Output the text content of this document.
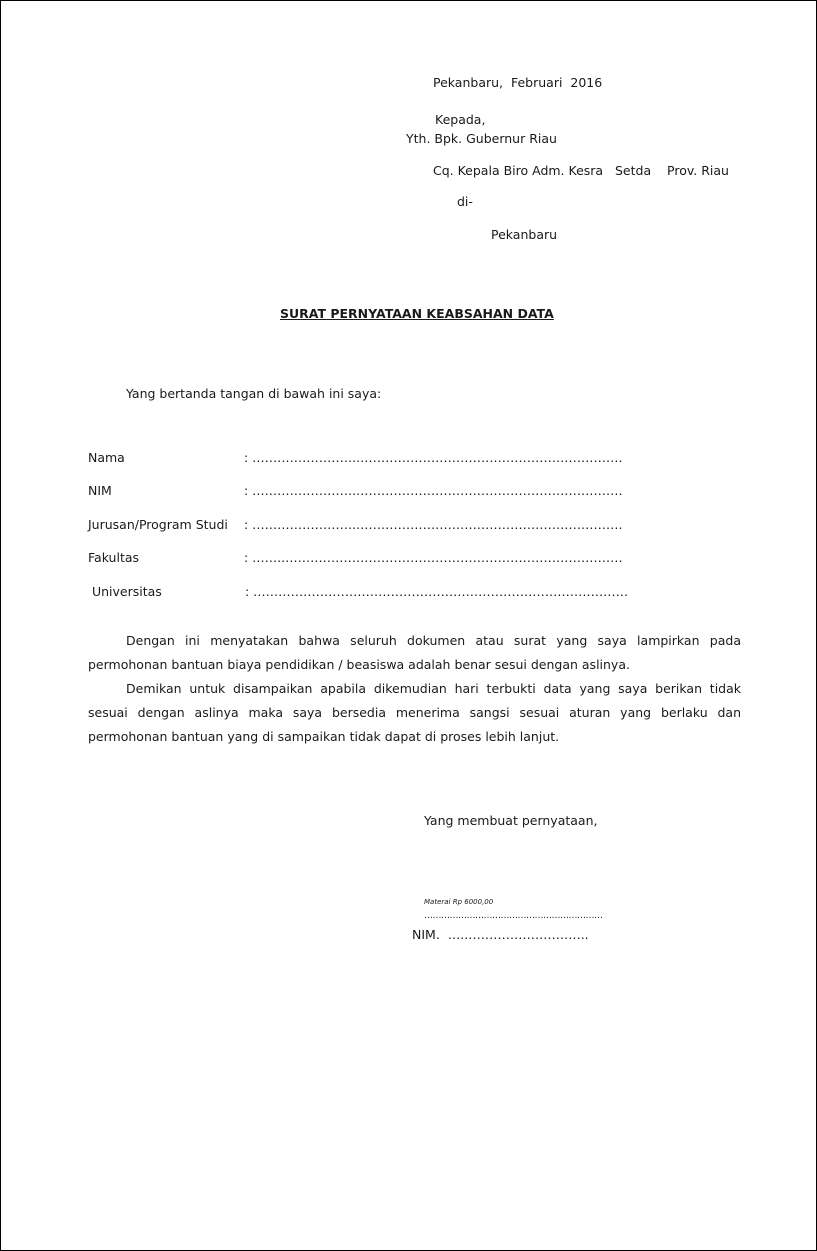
Pekanbaru,  Februari  2016
Kepada,
Yth. Bpk. Gubernur Riau
Cq. Kepala Biro Adm. Kesra   Setda    Prov. Riau
di-
Pekanbaru
SURAT PERNYATAAN KEABSAHAN DATA
Yang bertanda tangan di bawah ini saya:
Nama	: ……………………..………………………………………………………
NIM	: ……………………..………………………………………………………
Jurusan/Program Studi : ……………………..………………………………………………………
Fakultas	: ……..………………………………………………………………………
Universitas	: ………………………………………………………………………………

Dengan ini menyatakan bahwa seluruh dokumen atau surat yang saya lampirkan pada permohonan bantuan biaya pendidikan / beasiswa adalah benar sesui dengan aslinya.

Demikan untuk disampaikan apabila dikemudian hari terbukti data yang saya berikan tidak sesuai dengan aslinya maka saya bersedia menerima sangsi sesuai aturan yang berlaku dan permohonan bantuan yang di sampaikan tidak dapat di proses lebih lanjut.

Yang membuat pernyataan,
Materai Rp 6000,00
………………………………………………………
NIM.  …..………………………..
